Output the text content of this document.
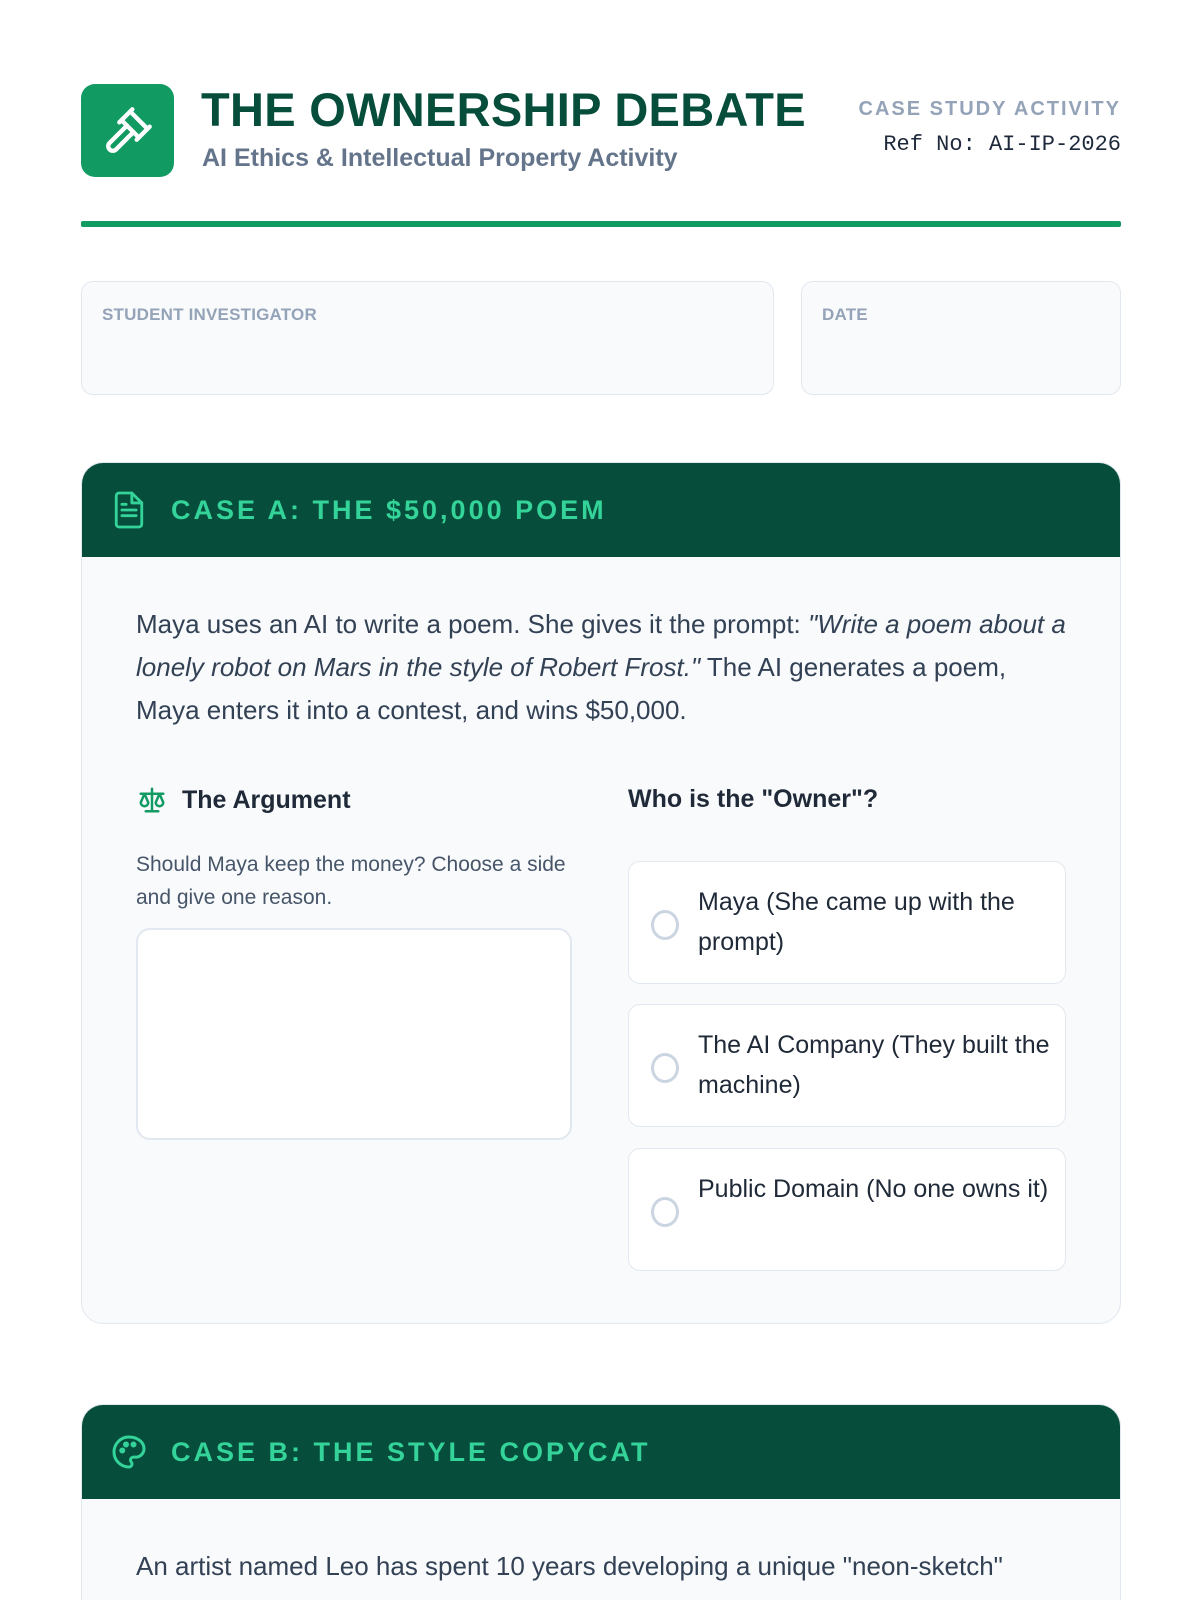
THE OWNERSHIP DEBATE
AI Ethics & Intellectual Property Activity
CASE STUDY ACTIVITY
Ref No: AI-IP-2026
STUDENT INVESTIGATOR	DATE
CASE A: THE $50,000 POEM

Maya uses an AI to write a poem. She gives it the prompt: "Write a poem about a lonely robot on Mars in the style of Robert Frost." The AI generates a poem, Maya enters it into a contest, and wins $50,000.

The Argument

Should Maya keep the money? Choose a side and give one reason.

Who is the "Owner"?
Maya (She came up with the prompt)
The AI Company (They built the machine)
Public Domain (No one owns it)
CASE B: THE STYLE COPYCAT

An artist named Leo has spent 10 years developing a unique "neon-sketch"
